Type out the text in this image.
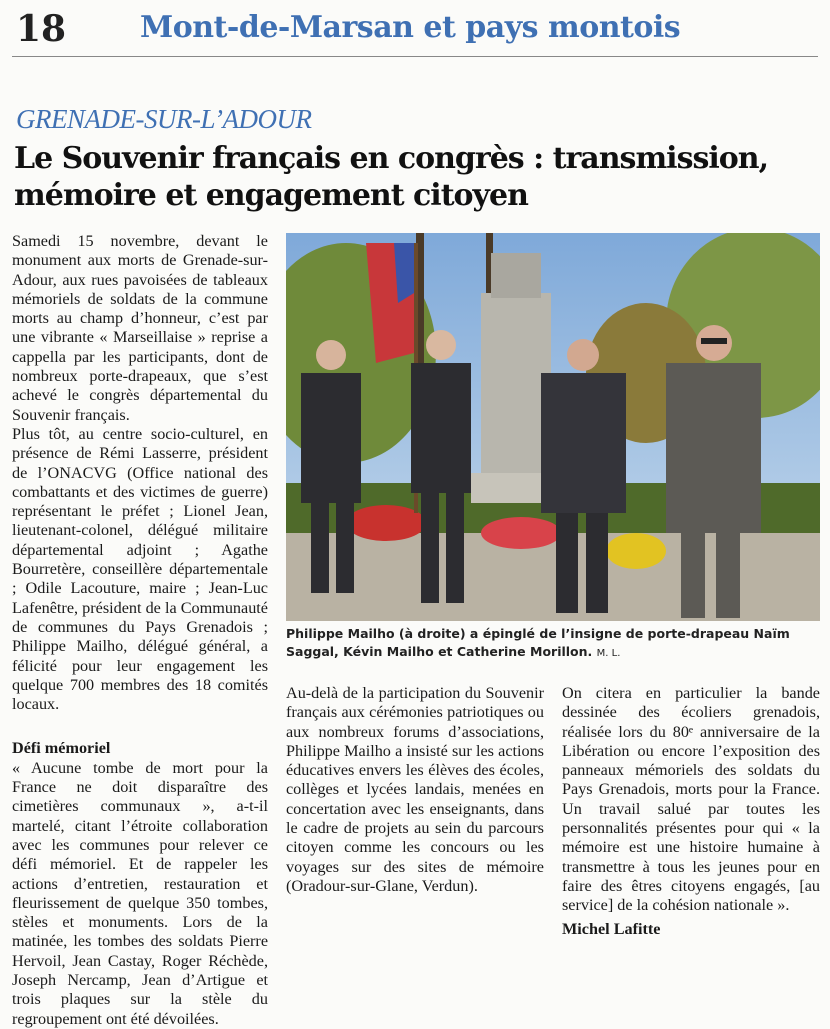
18 Mont-de-Marsan et pays montois
GRENADE-SUR-L’ADOUR
Le Souvenir français en congrès : transmission, mémoire et engagement citoyen

Samedi 15 novembre, devant le monument aux morts de Grenade-sur-Adour, aux rues pavoisées de tableaux mémoriels de soldats de la commune morts au champ d’honneur, c’est par une vibrante « Marseillaise » reprise a cappella par les participants, dont de nombreux porte-drapeaux, que s’est achevé le congrès départemental du Souvenir français.

Plus tôt, au centre socio-culturel, en présence de Rémi Lasserre, président de l’ONACVG (Office national des combattants et des victimes de guerre) représentant le préfet ; Lionel Jean, lieutenant-colonel, délégué militaire départemental adjoint ; Agathe Bourretère, conseillère départementale ; Odile Lacouture, maire ; Jean-Luc Lafenêtre, président de la Communauté de communes du Pays Grenadois ; Philippe Mailho, délégué général, a félicité pour leur engagement les quelque 700 membres des 18 comités locaux.

Défi mémoriel

« Aucune tombe de mort pour la France ne doit disparaître des cimetières communaux », a-t-il martelé, citant l’étroite collaboration avec les communes pour relever ce défi mémoriel. Et de rappeler les actions d’entretien, restauration et fleurissement de quelque 350 tombes, stèles et monuments. Lors de la matinée, les tombes des soldats Pierre Hervoil, Jean Castay, Roger Réchède, Joseph Nercamp, Jean d’Artigue et trois plaques sur la stèle du regroupement ont été dévoilées.

Philippe Mailho (à droite) a épinglé de l’insigne de porte-drapeau Naïm Saggal, Kévin Mailho et Catherine Morillon. M. L.

Au-delà de la participation du Souvenir français aux cérémonies patriotiques ou aux nombreux forums d’associations, Philippe Mailho a insisté sur les actions éducatives envers les élèves des écoles, collèges et lycées landais, menées en concertation avec les enseignants, dans le cadre de projets au sein du parcours citoyen comme les concours ou les voyages sur des sites de mémoire (Oradour-sur-Glane, Verdun).

On citera en particulier la bande dessinée des écoliers grenadois, réalisée lors du 80ᵉ anniversaire de la Libération ou encore l’exposition des panneaux mémoriels des soldats du Pays Grenadois, morts pour la France. Un travail salué par toutes les personnalités présentes pour qui « la mémoire est une histoire humaine à transmettre à tous les jeunes pour en faire des êtres citoyens engagés, [au service] de la cohésion nationale ».

Michel Lafitte
